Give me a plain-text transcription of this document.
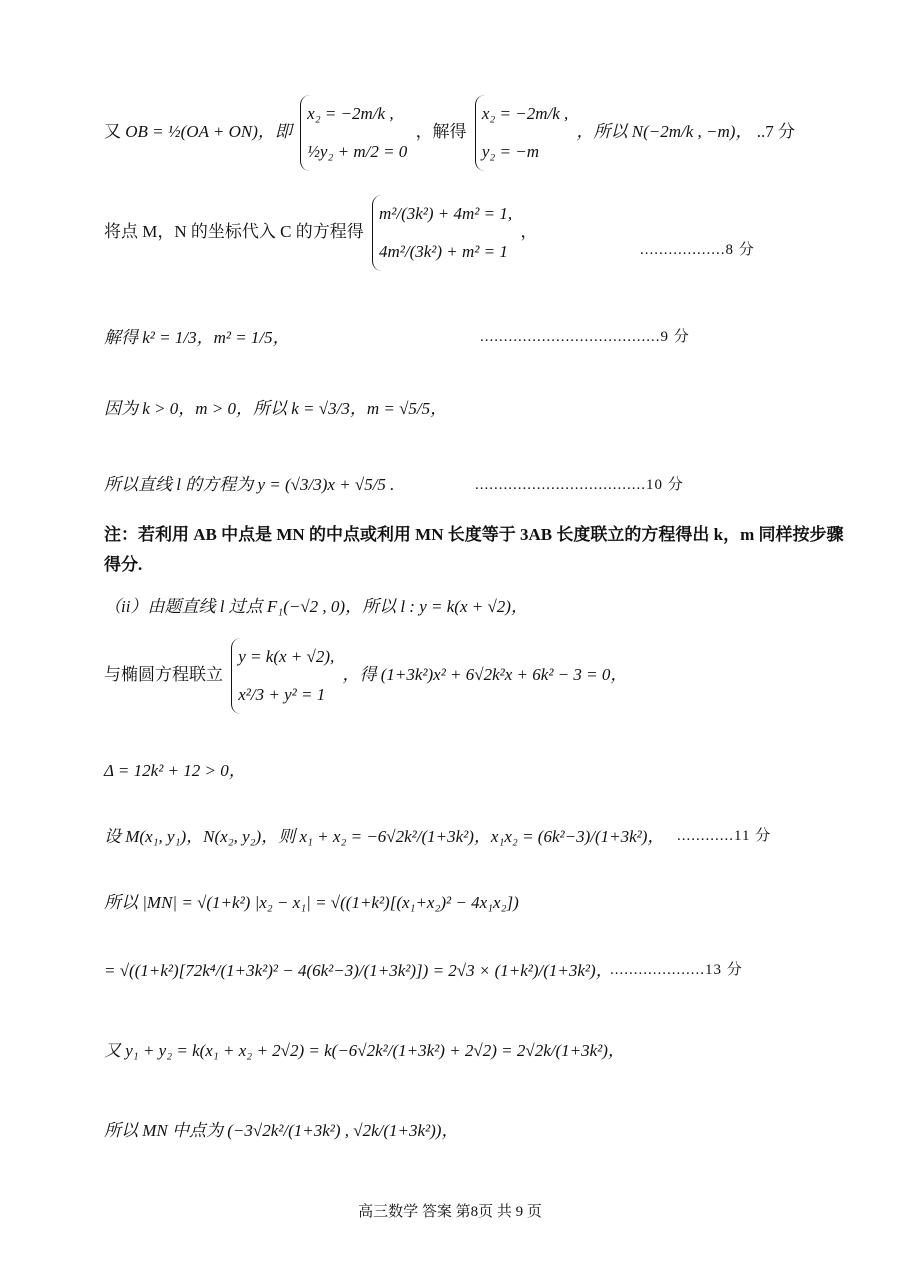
又 OB = ½(OA + ON)，即
x₂ = −2m/k ,
½y₂ + m/2 = 0
，解得
x₂ = −2m/k ,
y₂ = −m
，所以 N(−2m/k , −m)， ..7 分
将点 M，N 的坐标代入 C 的方程得
m²/(3k²) + 4m² = 1,
4m²/(3k²) + m² = 1
，
..................8 分
解得 k² = 1/3，m² = 1/5，	......................................9 分
因为 k > 0，m > 0，所以 k = √3/3，m = √5/5，
所以直线 l 的方程为 y = (√3/3)x + √5/5 .	....................................10 分
注：若利用 AB 中点是 MN 的中点或利用 MN 长度等于 3AB 长度联立的方程得出 k，m 同样按步骤得分.
（ii）由题直线 l 过点 F₁(−√2 , 0)，所以 l : y = k(x + √2)，
与椭圆方程联立
y = k(x + √2),
x²/3 + y² = 1
，得 (1+3k²)x² + 6√2k²x + 6k² − 3 = 0，
Δ = 12k² + 12 > 0，
设 M(x₁, y₁)，N(x₂, y₂)，则 x₁ + x₂ = −6√2k²/(1+3k²)，x₁x₂ = (6k²−3)/(1+3k²)， ............11 分
所以 |MN| = √(1+k²) |x₂ − x₁| = √((1+k²)[(x₁+x₂)² − 4x₁x₂])
= √((1+k²)[72k⁴/(1+3k²)² − 4(6k²−3)/(1+3k²)]) = 2√3 × (1+k²)/(1+3k²)，
....................13 分
又 y₁ + y₂ = k(x₁ + x₂ + 2√2) = k(−6√2k²/(1+3k²) + 2√2) = 2√2k/(1+3k²)，
所以 MN 中点为 (−3√2k²/(1+3k²) , √2k/(1+3k²))，
高三数学 答案 第8页 共 9 页
